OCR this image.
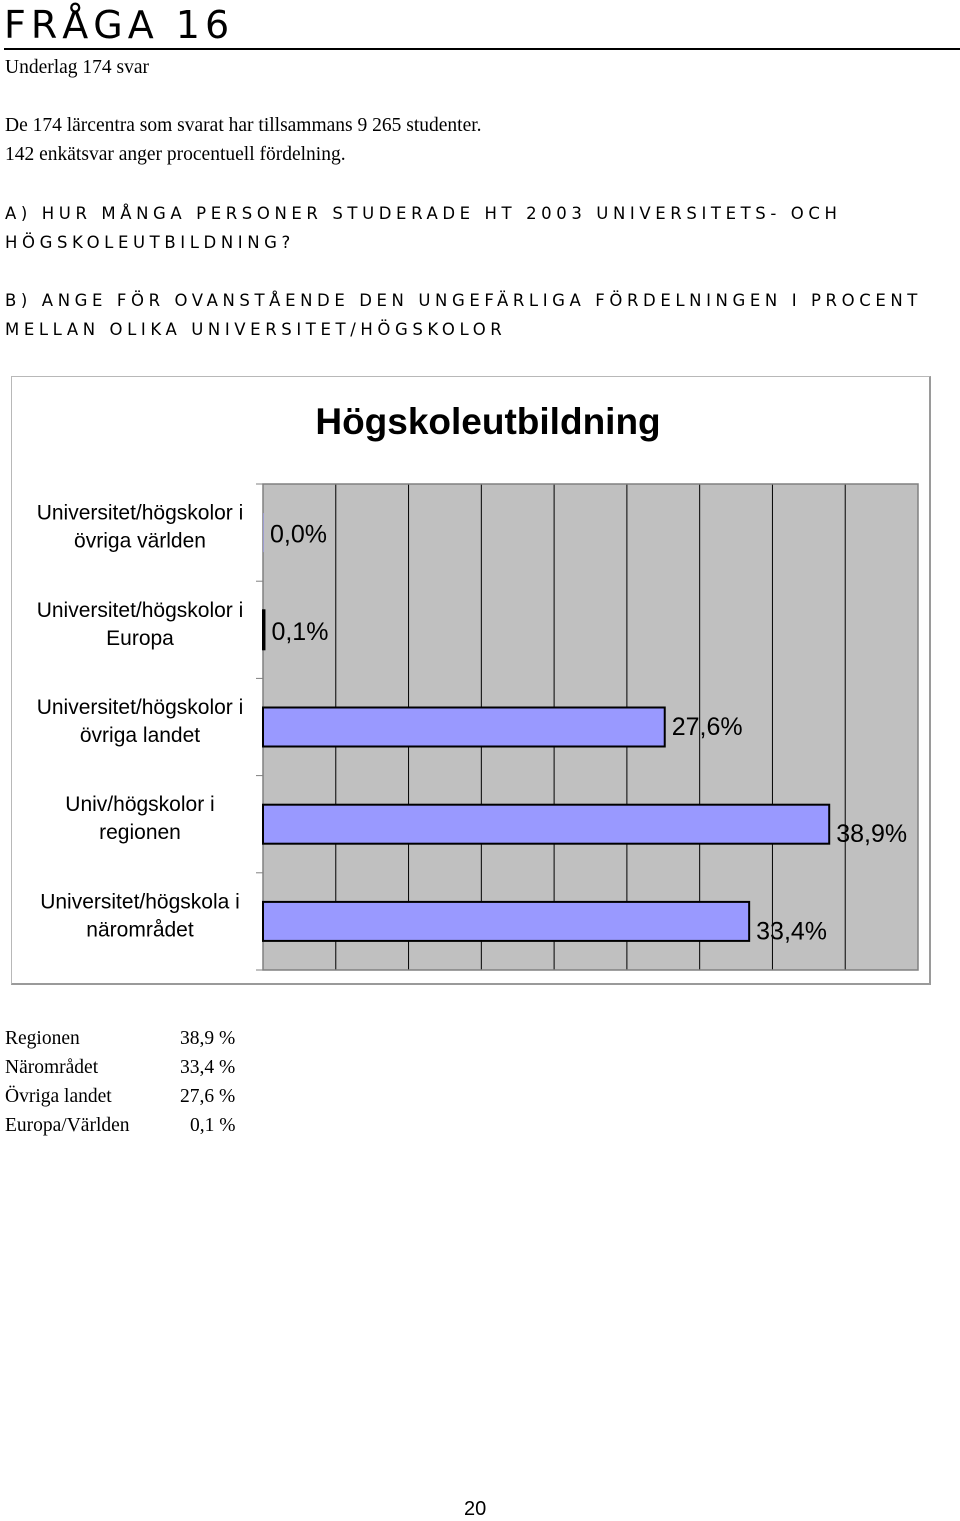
FRÅGA 16
Underlag 174 svar
De 174 lärcentra som svarat har tillsammans 9 265 studenter.
142 enkätsvar anger procentuell fördelning.
A) HUR MÅNGA PERSONER STUDERADE HT 2003 UNIVERSITETS- OCH
HÖGSKOLEUTBILDNING?
B) ANGE FÖR OVANSTÅENDE DEN UNGEFÄRLIGA FÖRDELNINGEN I PROCENT
MELLAN OLIKA UNIVERSITET/HÖGSKOLOR
Högskoleutbildning
0,0%
Universitet/högskolor i
övriga världen
0,1%
Universitet/högskolor i
Europa
27,6%
Universitet/högskolor i
övriga landet
38,9%
Univ/högskolor i
regionen
33,4%
Universitet/högskola i
närområdet
Regionen	38,9 %
Närområdet	33,4 %
Övriga landet	27,6 %
Europa/Världen	0,1 %
20
